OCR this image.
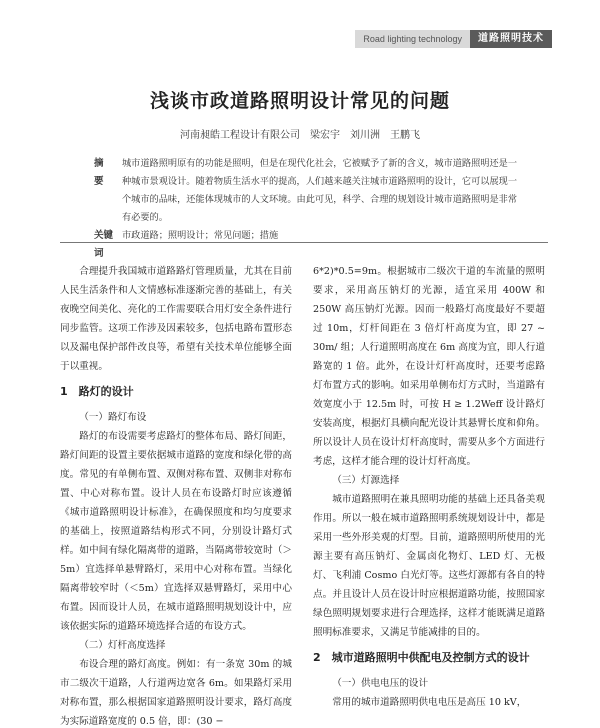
Road lighting technology	道路照明技术
浅谈市政道路照明设计常见的问题
河南昶皓工程设计有限公司　梁宏宇　刘川洲　王鹏飞
摘　要
城市道路照明原有的功能是照明，但是在现代化社会，它被赋予了新的含义，城市道路照明还是一种城市景观设计。随着物质生活水平的提高，人们越来越关注城市道路照明的设计，它可以展现一个城市的品味，还能体现城市的人文环境。由此可见，科学、合理的规划设计城市道路照明是非常有必要的。
关键词
市政道路；照明设计；常见问题；措施

合理提升我国城市道路路灯管理质量，尤其在目前人民生活条件和人文情感标准逐渐完善的基础上，有关夜晚空间美化、亮化的工作需要联合用灯安全条件进行同步监管。这项工作涉及因素较多，包括电路布置形态以及漏电保护部件改良等，希望有关技术单位能够全面于以重视。

1　路灯的设计

（一）路灯布设

路灯的布设需要考虑路灯的整体布局、路灯间距，路灯间距的设置主要依据城市道路的宽度和绿化带的高度。常见的有单侧布置、双侧对称布置、双侧非对称布置、中心对称布置。设计人员在布设路灯时应该遵循《城市道路照明设计标准》，在确保照度和均匀度要求的基础上，按照道路结构形式不同，分别设计路灯式样。如中间有绿化隔离带的道路，当隔离带较宽时（＞5m）宜选择单悬臂路灯，采用中心对称布置。当绿化隔离带较窄时（＜5m）宜选择双悬臂路灯，采用中心布置。因而设计人员，在城市道路照明规划设计中，应该依据实际的道路环境选择合适的布设方式。

（二）灯杆高度选择

布设合理的路灯高度。例如：有一条宽 30m 的城市二级次干道路，人行道两边宽各 6m。如果路灯采用对称布置，那么根据国家道路照明设计要求，路灯高度为实际道路宽度的 0.5 倍，即：(30 −

6*2)*0.5=9m。根据城市二级次干道的车流量的照明要求，采用高压钠灯的光源，适宜采用 400W 和 250W 高压钠灯光源。因而一般路灯高度最好不要超过 10m，灯杆间距在 3 倍灯杆高度为宜，即 27 ~ 30m/ 组；人行道照明高度在 6m 高度为宜，即人行道路宽的 1 倍。此外，在设计灯杆高度时，还要考虑路灯布置方式的影响。如采用单侧布灯方式时，当道路有效宽度小于 12.5m 时，可按 H ≥ 1.2Weff 设计路灯安装高度，根据灯具横向配光设计其悬臂长度和仰角。所以设计人员在设计灯杆高度时，需要从多个方面进行考虑，这样才能合理的设计灯杆高度。

（三）灯源选择

城市道路照明在兼具照明功能的基础上还具备美观作用。所以一般在城市道路照明系统规划设计中，都是采用一些外形美观的灯型。目前，道路照明所使用的光源主要有高压钠灯、金属卤化物灯、LED 灯、无极灯、飞利浦 Cosmo 白光灯等。这些灯源都有各自的特点。并且设计人员在设计时应根据道路功能，按照国家绿色照明规划要求进行合理选择，这样才能既满足道路照明标准要求，又满足节能减排的目的。

2　城市道路照明中供配电及控制方式的设计

（一）供电电压的设计

常用的城市道路照明供电电压是高压 10 kV，
